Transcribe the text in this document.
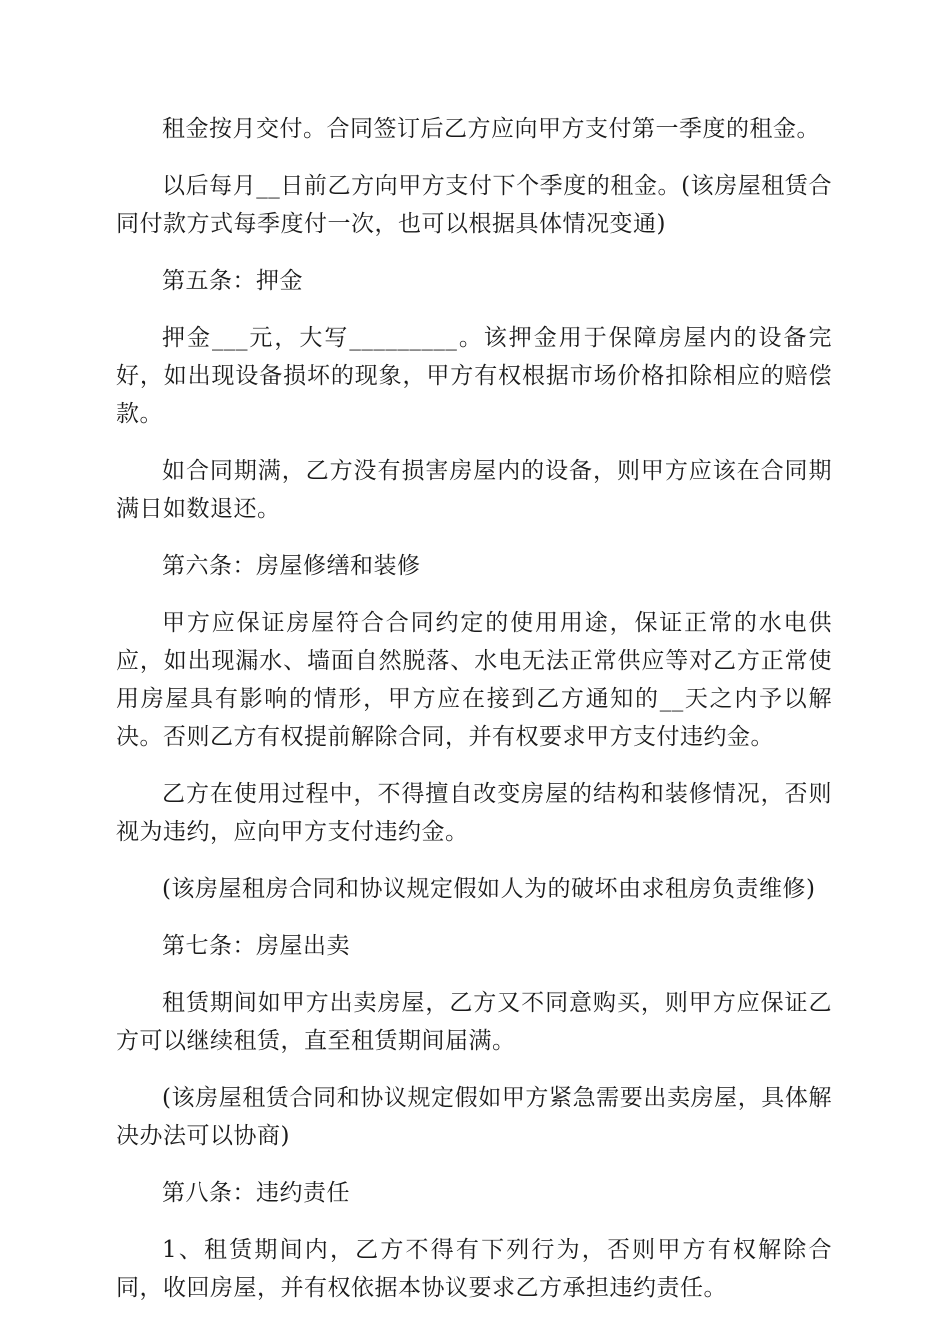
租金按月交付。合同签订后乙方应向甲方支付第一季度的租金。

以后每月__日前乙方向甲方支付下个季度的租金。(该房屋租赁合同付款方式每季度付一次，也可以根据具体情况变通)

第五条：押金

押金___元，大写_________。该押金用于保障房屋内的设备完好，如出现设备损坏的现象，甲方有权根据市场价格扣除相应的赔偿款。

如合同期满，乙方没有损害房屋内的设备，则甲方应该在合同期满日如数退还。

第六条：房屋修缮和装修

甲方应保证房屋符合合同约定的使用用途，保证正常的水电供应，如出现漏水、墙面自然脱落、水电无法正常供应等对乙方正常使用房屋具有影响的情形，甲方应在接到乙方通知的__天之内予以解决。否则乙方有权提前解除合同，并有权要求甲方支付违约金。

乙方在使用过程中，不得擅自改变房屋的结构和装修情况，否则视为违约，应向甲方支付违约金。

(该房屋租房合同和协议规定假如人为的破坏由求租房负责维修)

第七条：房屋出卖

租赁期间如甲方出卖房屋，乙方又不同意购买，则甲方应保证乙方可以继续租赁，直至租赁期间届满。

(该房屋租赁合同和协议规定假如甲方紧急需要出卖房屋，具体解决办法可以协商)

第八条：违约责任

1、租赁期间内，乙方不得有下列行为，否则甲方有权解除合同，收回房屋，并有权依据本协议要求乙方承担违约责任。
